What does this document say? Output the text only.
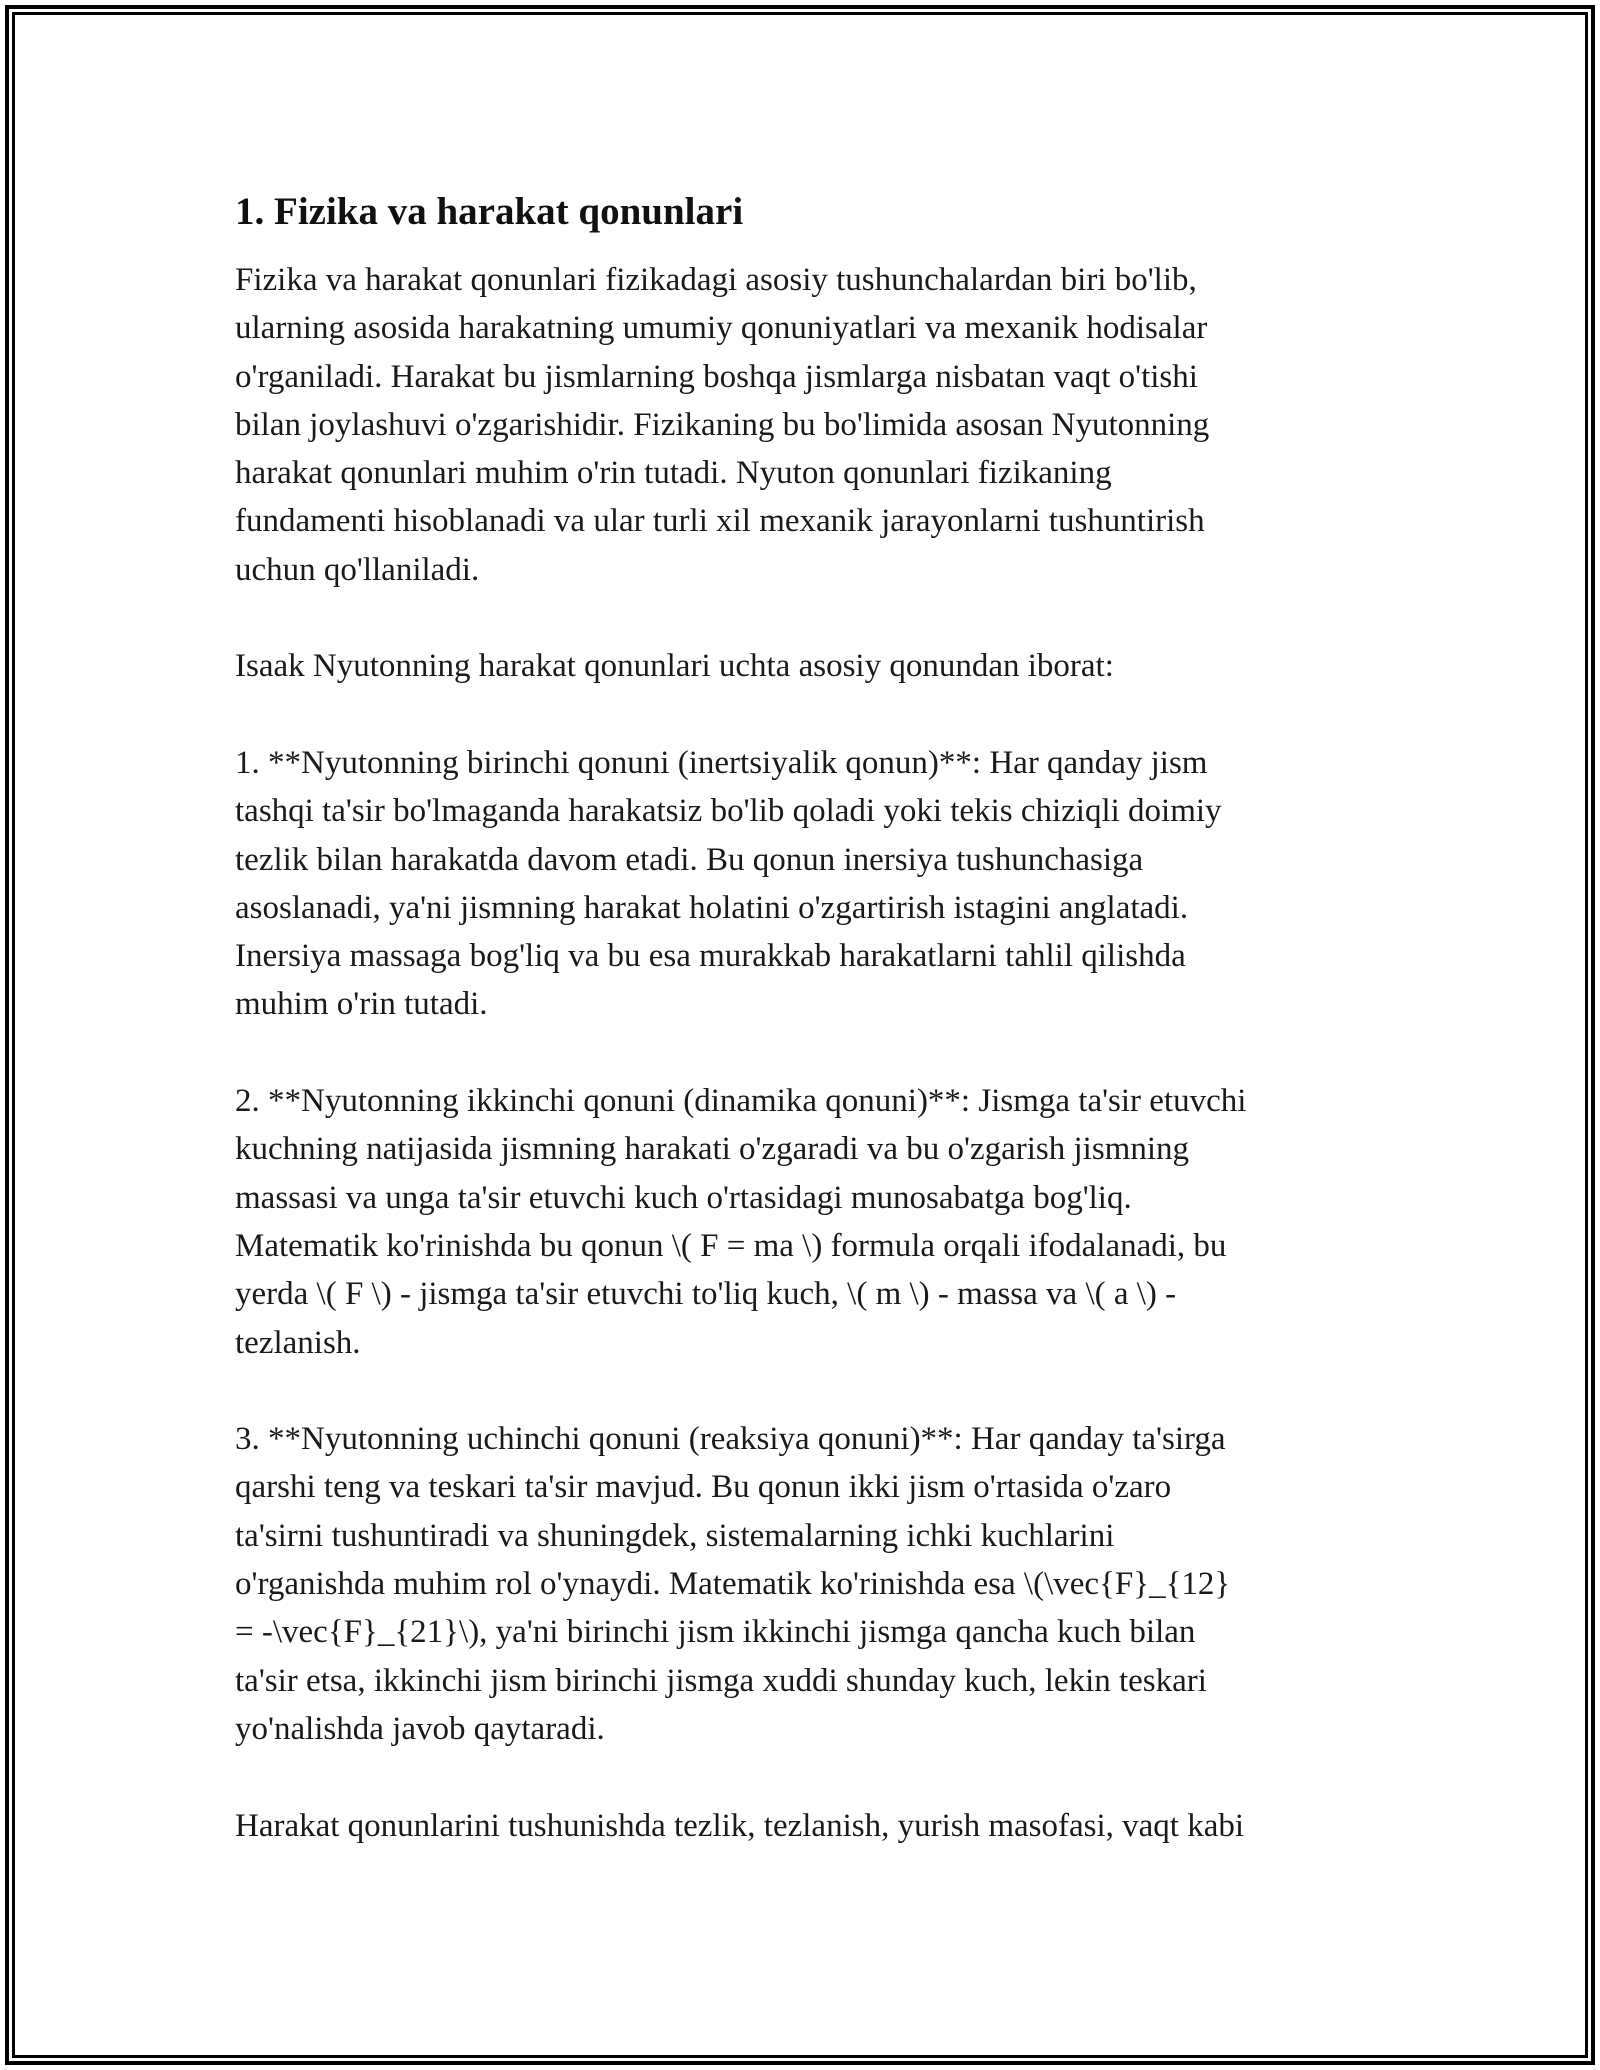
1. Fizika va harakat qonunlari
Fizika va harakat qonunlari fizikadagi asosiy tushunchalardan biri bo'lib,
ularning asosida harakatning umumiy qonuniyatlari va mexanik hodisalar
o'rganiladi. Harakat bu jismlarning boshqa jismlarga nisbatan vaqt o'tishi
bilan joylashuvi o'zgarishidir. Fizikaning bu bo'limida asosan Nyutonning
harakat qonunlari muhim o'rin tutadi. Nyuton qonunlari fizikaning
fundamenti hisoblanadi va ular turli xil mexanik jarayonlarni tushuntirish
uchun qo'llaniladi.
Isaak Nyutonning harakat qonunlari uchta asosiy qonundan iborat:
1. **Nyutonning birinchi qonuni (inertsiyalik qonun)**: Har qanday jism
tashqi ta'sir bo'lmaganda harakatsiz bo'lib qoladi yoki tekis chiziqli doimiy
tezlik bilan harakatda davom etadi. Bu qonun inersiya tushunchasiga
asoslanadi, ya'ni jismning harakat holatini o'zgartirish istagini anglatadi.
Inersiya massaga bog'liq va bu esa murakkab harakatlarni tahlil qilishda
muhim o'rin tutadi.
2. **Nyutonning ikkinchi qonuni (dinamika qonuni)**: Jismga ta'sir etuvchi
kuchning natijasida jismning harakati o'zgaradi va bu o'zgarish jismning
massasi va unga ta'sir etuvchi kuch o'rtasidagi munosabatga bog'liq.
Matematik ko'rinishda bu qonun \( F = ma \) formula orqali ifodalanadi, bu
yerda \( F \) - jismga ta'sir etuvchi to'liq kuch, \( m \) - massa va \( a \) -
tezlanish.
3. **Nyutonning uchinchi qonuni (reaksiya qonuni)**: Har qanday ta'sirga
qarshi teng va teskari ta'sir mavjud. Bu qonun ikki jism o'rtasida o'zaro
ta'sirni tushuntiradi va shuningdek, sistemalarning ichki kuchlarini
o'rganishda muhim rol o'ynaydi. Matematik ko'rinishda esa \(\vec{F}_{12}
= -\vec{F}_{21}\), ya'ni birinchi jism ikkinchi jismga qancha kuch bilan
ta'sir etsa, ikkinchi jism birinchi jismga xuddi shunday kuch, lekin teskari
yo'nalishda javob qaytaradi.
Harakat qonunlarini tushunishda tezlik, tezlanish, yurish masofasi, vaqt kabi
